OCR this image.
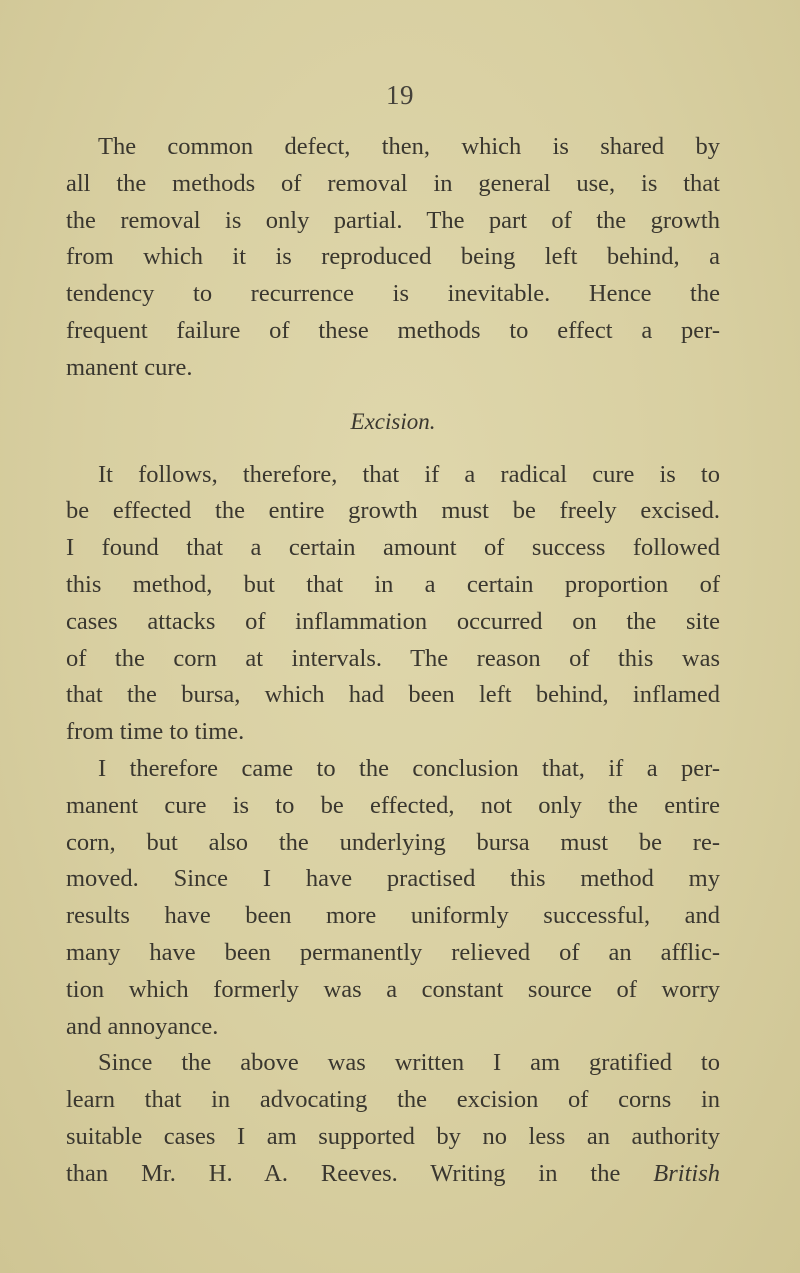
19
The common defect, then, which is shared by
all the methods of removal in general use, is that
the removal is only partial. The part of the growth
from which it is reproduced being left behind, a
tendency to recurrence is inevitable. Hence the
frequent failure of these methods to effect a per-
manent cure.
Excision.
It follows, therefore, that if a radical cure is to
be effected the entire growth must be freely excised.
I found that a certain amount of success followed
this method, but that in a certain proportion of
cases attacks of inflammation occurred on the site
of the corn at intervals. The reason of this was
that the bursa, which had been left behind, inflamed
from time to time.
I therefore came to the conclusion that, if a per-
manent cure is to be effected, not only the entire
corn, but also the underlying bursa must be re-
moved. Since I have practised this method my
results have been more uniformly successful, and
many have been permanently relieved of an afflic-
tion which formerly was a constant source of worry
and annoyance.
Since the above was written I am gratified to
learn that in advocating the excision of corns in
suitable cases I am supported by no less an authority
than Mr. H. A. Reeves. Writing in the British
